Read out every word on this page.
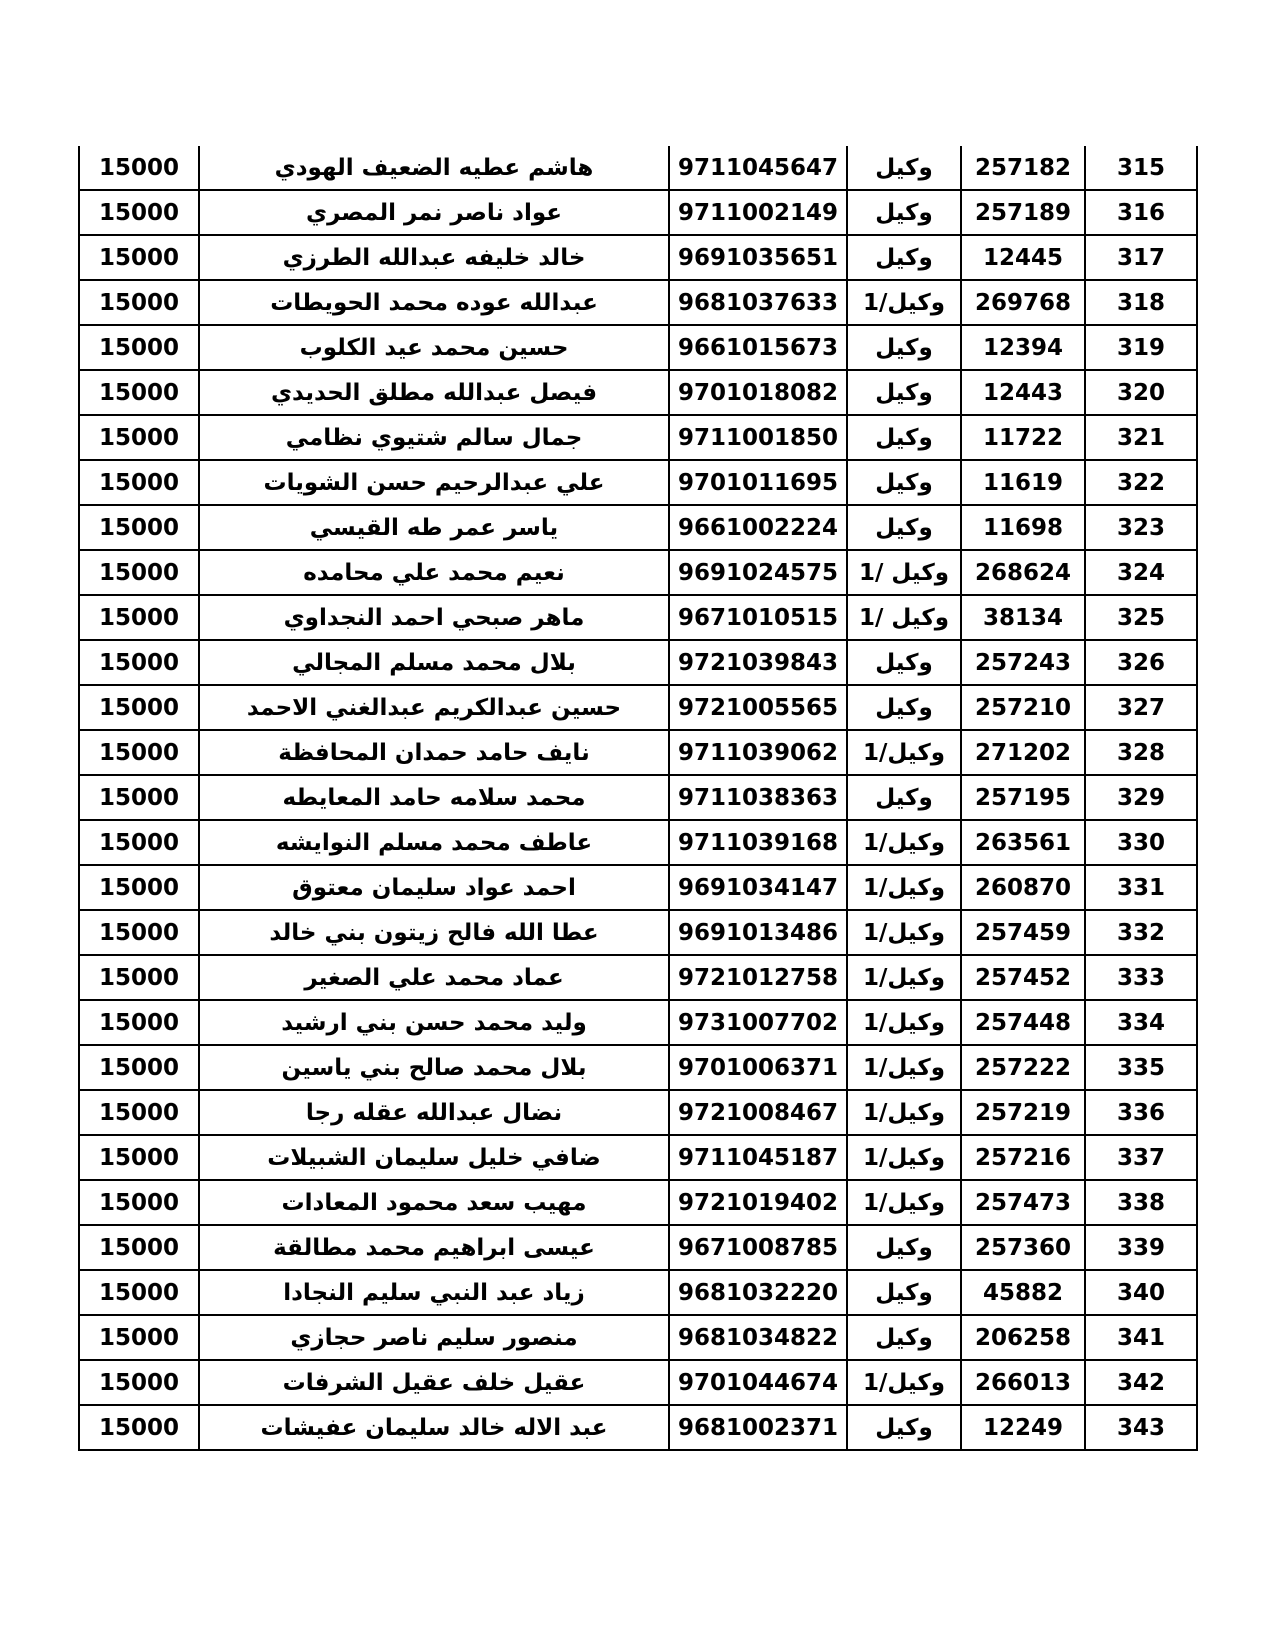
15000	هاشم عطيه الضعيف الهودي	9711045647	وكيل	257182	315
15000	عواد ناصر نمر المصري	9711002149	وكيل	257189	316
15000	خالد خليفه عبدالله الطرزي	9691035651	وكيل	12445	317
15000	عبدالله عوده محمد الحويطات	9681037633	وكيل/1	269768	318
15000	حسين محمد عيد الكلوب	9661015673	وكيل	12394	319
15000	فيصل عبدالله مطلق الحديدي	9701018082	وكيل	12443	320
15000	جمال سالم شتيوي نظامي	9711001850	وكيل	11722	321
15000	علي عبدالرحيم حسن الشويات	9701011695	وكيل	11619	322
15000	ياسر عمر طه القيسي	9661002224	وكيل	11698	323
15000	نعيم محمد علي محامده	9691024575	وكيل /1	268624	324
15000	ماهر صبحي احمد النجداوي	9671010515	وكيل /1	38134	325
15000	بلال محمد مسلم المجالي	9721039843	وكيل	257243	326
15000	حسين عبدالكريم عبدالغني الاحمد	9721005565	وكيل	257210	327
15000	نايف حامد حمدان المحافظة	9711039062	وكيل/1	271202	328
15000	محمد سلامه حامد المعايطه	9711038363	وكيل	257195	329
15000	عاطف محمد مسلم النوايشه	9711039168	وكيل/1	263561	330
15000	احمد عواد سليمان معتوق	9691034147	وكيل/1	260870	331
15000	عطا الله فالح زيتون بني خالد	9691013486	وكيل/1	257459	332
15000	عماد محمد علي الصغير	9721012758	وكيل/1	257452	333
15000	وليد محمد حسن بني ارشيد	9731007702	وكيل/1	257448	334
15000	بلال محمد صالح بني ياسين	9701006371	وكيل/1	257222	335
15000	نضال عبدالله عقله رجا	9721008467	وكيل/1	257219	336
15000	ضافي خليل سليمان الشبيلات	9711045187	وكيل/1	257216	337
15000	مهيب سعد محمود المعادات	9721019402	وكيل/1	257473	338
15000	عيسى ابراهيم محمد مطالقة	9671008785	وكيل	257360	339
15000	زياد عبد النبي سليم النجادا	9681032220	وكيل	45882	340
15000	منصور سليم ناصر حجازي	9681034822	وكيل	206258	341
15000	عقيل خلف عقيل الشرفات	9701044674	وكيل/1	266013	342
15000	عبد الاله خالد سليمان عفيشات	9681002371	وكيل	12249	343
